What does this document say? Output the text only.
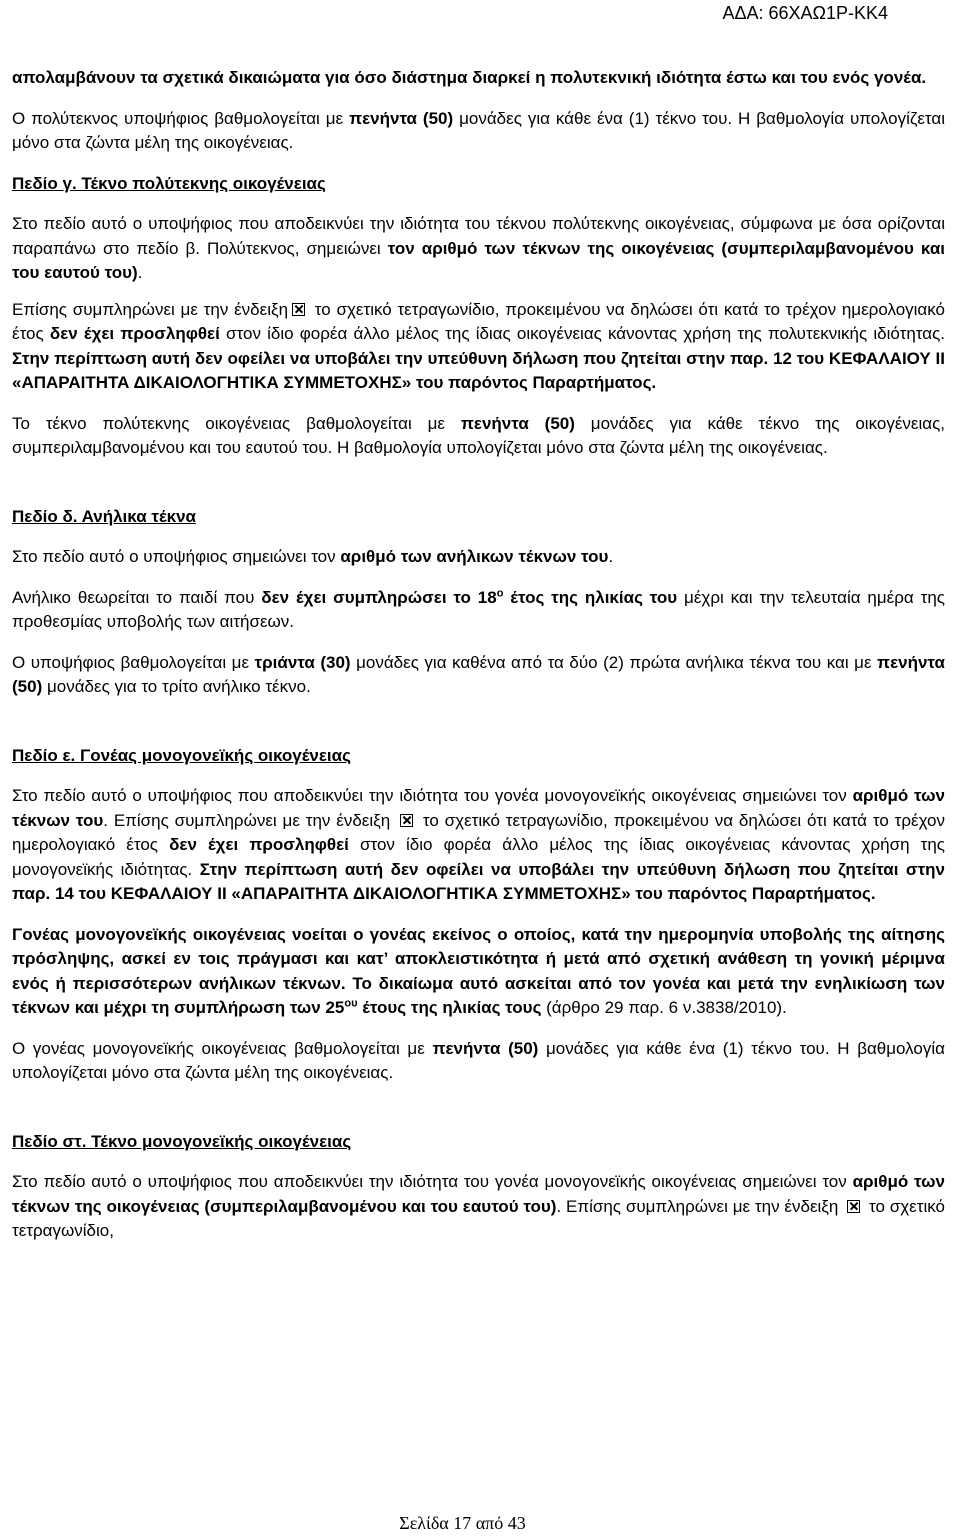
ΑΔΑ: 66ΧΑΩ1Ρ-ΚΚ4

απολαμβάνουν τα σχετικά δικαιώματα για όσο διάστημα διαρκεί η πολυτεκνική ιδιότητα έστω και του ενός γονέα.

Ο πολύτεκνος υποψήφιος βαθμολογείται με πενήντα (50) μονάδες για κάθε ένα (1) τέκνο του. Η βαθμολογία υπολογίζεται μόνο στα ζώντα μέλη της οικογένειας.

Πεδίο γ. Τέκνο πολύτεκνης οικογένειας

Στο πεδίο αυτό ο υποψήφιος που αποδεικνύει την ιδιότητα του τέκνου πολύτεκνης οικογένειας, σύμφωνα με όσα ορίζονται παραπάνω στο πεδίο β. Πολύτεκνος, σημειώνει τον αριθμό των τέκνων της οικογένειας (συμπεριλαμβανομένου και του εαυτού του).

Επίσης συμπληρώνει με την ένδειξη το σχετικό τετραγωνίδιο, προκειμένου να δηλώσει ότι κατά το τρέχον ημερολογιακό έτος δεν έχει προσληφθεί στον ίδιο φορέα άλλο μέλος της ίδιας οικογένειας κάνοντας χρήση της πολυτεκνικής ιδιότητας. Στην περίπτωση αυτή δεν οφείλει να υποβάλει την υπεύθυνη δήλωση που ζητείται στην παρ. 12 του ΚΕΦΑΛΑΙΟΥ ΙΙ «ΑΠΑΡΑΙΤΗΤΑ ΔΙΚΑΙΟΛΟΓΗΤΙΚΑ ΣΥΜΜΕΤΟΧΗΣ» του παρόντος Παραρτήματος.

Το τέκνο πολύτεκνης οικογένειας βαθμολογείται με πενήντα (50) μονάδες για κάθε τέκνο της οικογένειας, συμπεριλαμβανομένου και του εαυτού του. Η βαθμολογία υπολογίζεται μόνο στα ζώντα μέλη της οικογένειας.

Πεδίο δ. Ανήλικα τέκνα

Στο πεδίο αυτό ο υποψήφιος σημειώνει τον αριθμό των ανήλικων τέκνων του.

Ανήλικο θεωρείται το παιδί που δεν έχει συμπληρώσει το $18^o$ έτος της ηλικίας του μέχρι και την τελευταία ημέρα της προθεσμίας υποβολής των αιτήσεων.

Ο υποψήφιος βαθμολογείται με τριάντα (30) μονάδες για καθένα από τα δύο (2) πρώτα ανήλικα τέκνα του και με πενήντα (50) μονάδες για το τρίτο ανήλικο τέκνο.

Πεδίο ε. Γονέας μονογονεϊκής οικογένειας

Στο πεδίο αυτό ο υποψήφιος που αποδεικνύει την ιδιότητα του γονέα μονογονεϊκής οικογένειας σημειώνει τον αριθμό των τέκνων του. Επίσης συμπληρώνει με την ένδειξη  το σχετικό τετραγωνίδιο, προκειμένου να δηλώσει ότι κατά το τρέχον ημερολογιακό έτος δεν έχει προσληφθεί στον ίδιο φορέα άλλο μέλος της ίδιας οικογένειας κάνοντας χρήση της μονογονεϊκής ιδιότητας. Στην περίπτωση αυτή δεν οφείλει να υποβάλει την υπεύθυνη δήλωση που ζητείται στην παρ. 14 του ΚΕΦΑΛΑΙΟΥ ΙΙ «ΑΠΑΡΑΙΤΗΤΑ ΔΙΚΑΙΟΛΟΓΗΤΙΚΑ ΣΥΜΜΕΤΟΧΗΣ» του παρόντος Παραρτήματος.

Γονέας μονογονεϊκής οικογένειας νοείται ο γονέας εκείνος ο οποίος, κατά την ημερομηνία υποβολής της αίτησης πρόσληψης, ασκεί εν τοις πράγμασι και κατ’ αποκλειστικότητα ή μετά από σχετική ανάθεση τη γονική μέριμνα ενός ή περισσότερων ανήλικων τέκνων. Το δικαίωμα αυτό ασκείται από τον γονέα και μετά την ενηλικίωση των τέκνων και μέχρι τη συμπλήρωση των $25^{o\upsilon}$ έτους της ηλικίας τους (άρθρο 29 παρ. 6 ν.3838/2010).

Ο γονέας μονογονεϊκής οικογένειας βαθμολογείται με πενήντα (50) μονάδες για κάθε ένα (1) τέκνο του. Η βαθμολογία υπολογίζεται μόνο στα ζώντα μέλη της οικογένειας.

Πεδίο στ. Τέκνο μονογονεϊκής οικογένειας

Στο πεδίο αυτό ο υποψήφιος που αποδεικνύει την ιδιότητα του γονέα μονογονεϊκής οικογένειας σημειώνει τον αριθμό των τέκνων της οικογένειας (συμπεριλαμβανομένου και του εαυτού του). Επίσης συμπληρώνει με την ένδειξη  το σχετικό τετραγωνίδιο,

Σελίδα 17 από 43
